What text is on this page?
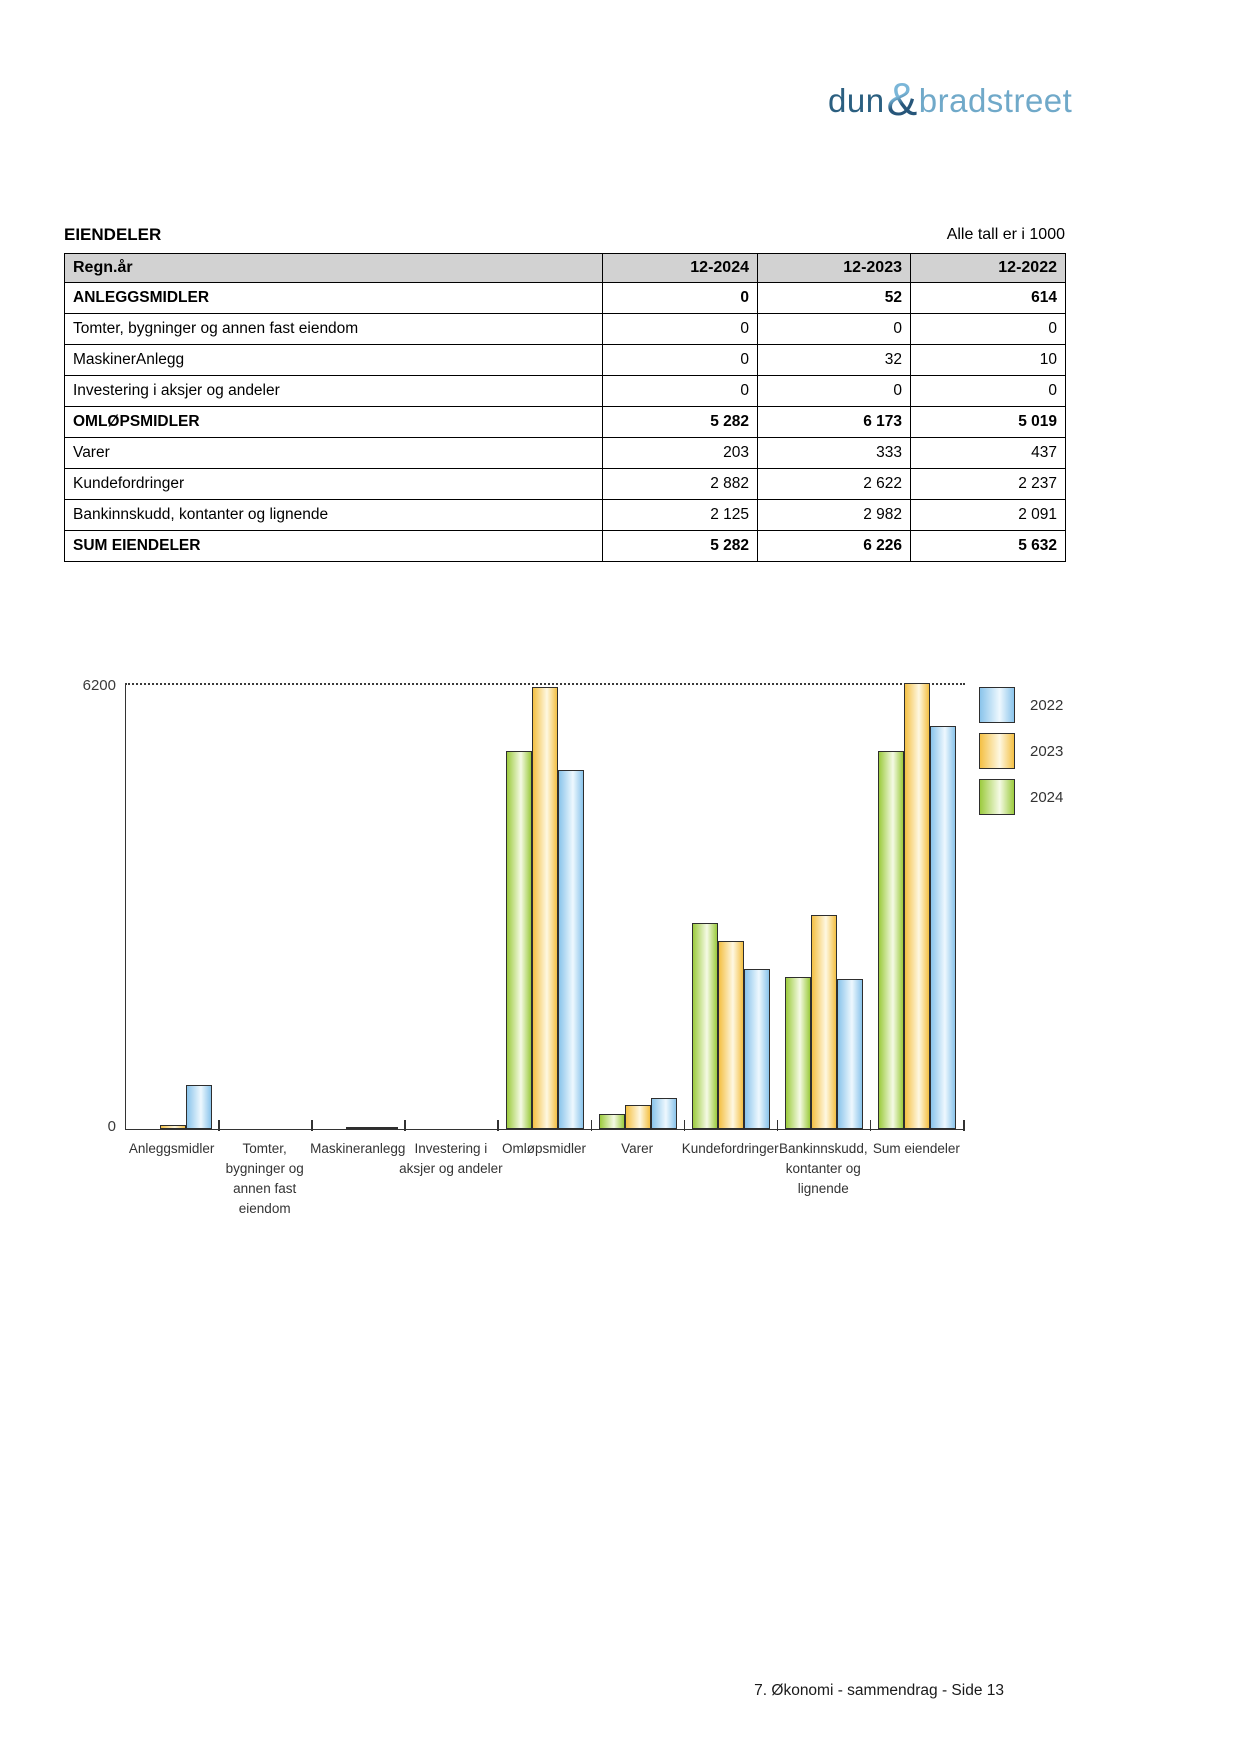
dun & bradstreet
EIENDELER	Alle tall er i 1000
Regn.år	12-2024	12-2023	12-2022
ANLEGGSMIDLER	0	52	614
Tomter, bygninger og annen fast eiendom	0	0	0
MaskinerAnlegg	0	32	10
Investering i aksjer og andeler	0	0	0
OMLØPSMIDLER	5 282	6 173	5 019
Varer	203	333	437
Kundefordringer	2 882	2 622	2 237
Bankinnskudd, kontanter og lignende	2 125	2 982	2 091
SUM EIENDELER	5 282	6 226	5 632
6200
0
Anleggsmidler	Tomter, bygninger og annen fast eiendom
Maskineranlegg Investering i aksjer og andeler
Omløpsmidler	Varer	Kundefordringer Bankinnskudd, kontanter og lignende
Sum eiendeler
2022
2023
2024
7. Økonomi - sammendrag - Side 13
